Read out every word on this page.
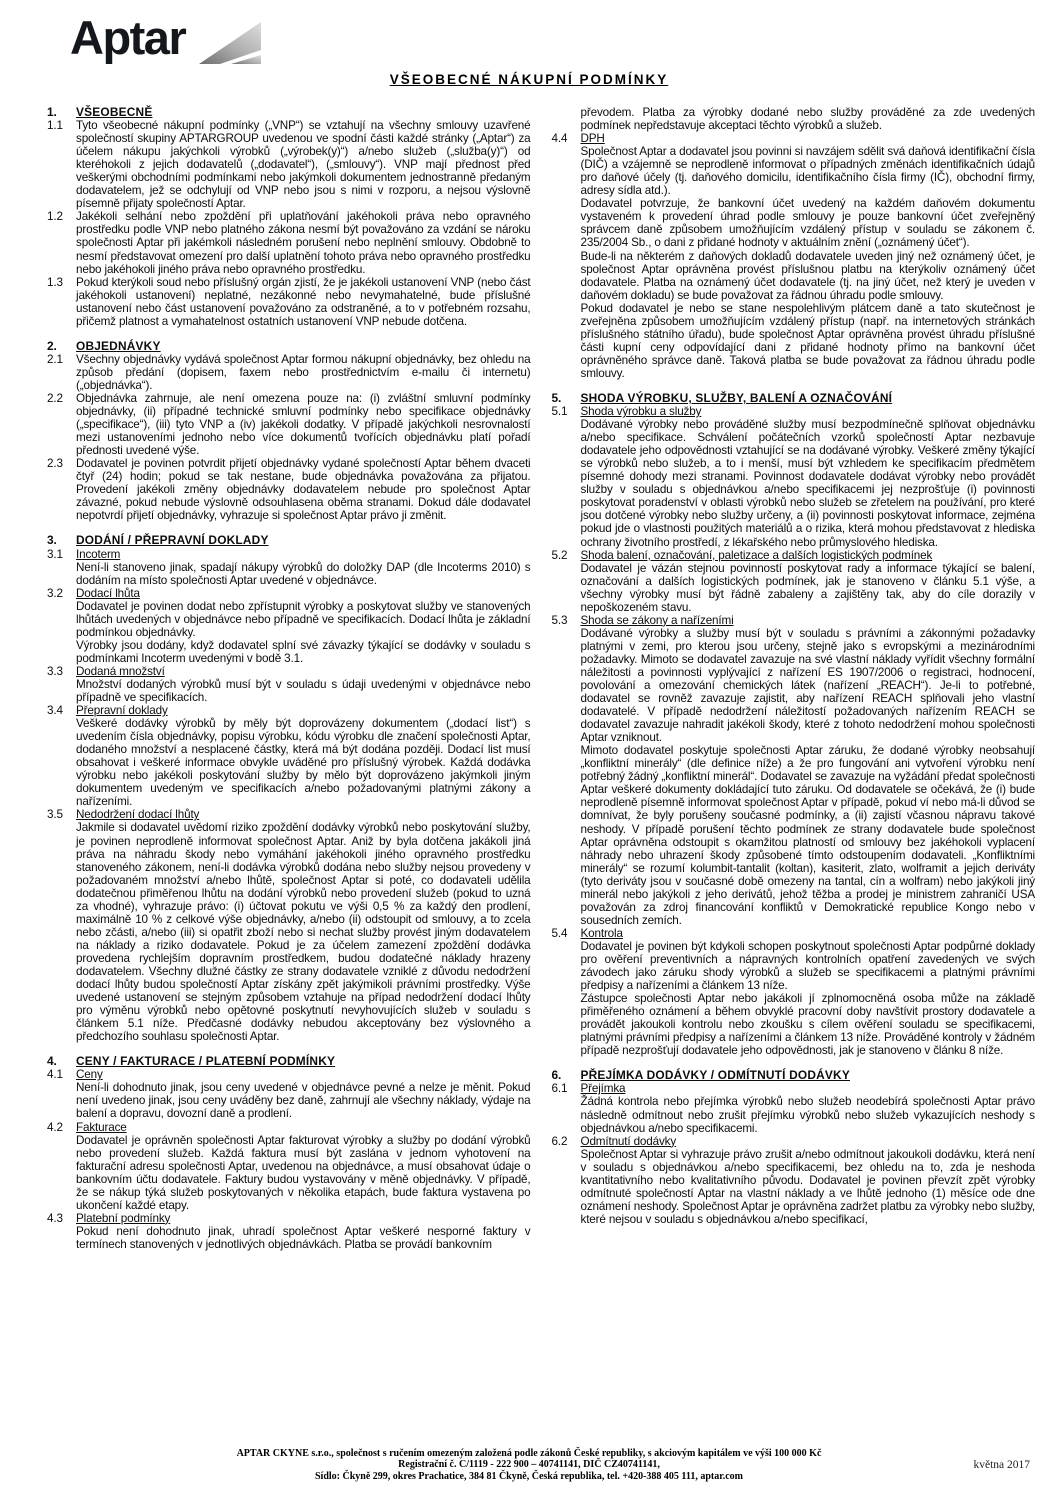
Aptar
VŠEOBECNÉ NÁKUPNÍ PODMÍNKY
1.	VŠEOBECNĚ
1.1	Tyto všeobecné nákupní podmínky („VNP“) se vztahují na všechny smlouvy uzavřené společností skupiny APTARGROUP uvedenou ve spodní části každé stránky („Aptar“) za účelem nákupu jakýchkoli výrobků („výrobek(y)“) a/nebo služeb („služba(y)“) od kteréhokoli z jejich dodavatelů („dodavatel“), („smlouvy“). VNP mají přednost před veškerými obchodními podmínkami nebo jakýmkoli dokumentem jednostranně předaným dodavatelem, jež se odchylují od VNP nebo jsou s nimi v rozporu, a nejsou výslovně písemně přijaty společností Aptar.

1.2	Jakékoli selhání nebo zpoždění při uplatňování jakéhokoli práva nebo opravného prostředku podle VNP nebo platného zákona nesmí být považováno za vzdání se nároku společnosti Aptar při jakémkoli následném porušení nebo neplnění smlouvy. Obdobně to nesmí představovat omezení pro další uplatnění tohoto práva nebo opravného prostředku nebo jakéhokoli jiného práva nebo opravného prostředku.

1.3	Pokud kterýkoli soud nebo příslušný orgán zjistí, že je jakékoli ustanovení VNP (nebo část jakéhokoli ustanovení) neplatné, nezákonné nebo nevymahatelné, bude příslušné ustanovení nebo část ustanovení považováno za odstraněné, a to v potřebném rozsahu, přičemž platnost a vymahatelnost ostatních ustanovení VNP nebude dotčena.

2.	OBJEDNÁVKY
2.1	Všechny objednávky vydává společnost Aptar formou nákupní objednávky, bez ohledu na způsob předání (dopisem, faxem nebo prostřednictvím e-mailu či internetu) („objednávka“).

2.2	Objednávka zahrnuje, ale není omezena pouze na: (i) zvláštní smluvní podmínky objednávky, (ii) případné technické smluvní podmínky nebo specifikace objednávky („specifikace“), (iii) tyto VNP a (iv) jakékoli dodatky. V případě jakýchkoli nesrovnalostí mezi ustanoveními jednoho nebo více dokumentů tvořících objednávku platí pořadí přednosti uvedené výše.

2.3	Dodavatel je povinen potvrdit přijetí objednávky vydané společností Aptar během dvaceti čtyř (24) hodin; pokud se tak nestane, bude objednávka považována za přijatou. Provedení jakékoli změny objednávky dodavatelem nebude pro společnost Aptar závazné, pokud nebude výslovně odsouhlasena oběma stranami. Dokud dále dodavatel nepotvrdí přijetí objednávky, vyhrazuje si společnost Aptar právo ji změnit.

3.	DODÁNÍ / PŘEPRAVNÍ DOKLADY
3.1	Incoterm

Není-li stanoveno jinak, spadají nákupy výrobků do doložky DAP (dle Incoterms 2010) s dodáním na místo společnosti Aptar uvedené v objednávce.

3.2	Dodací lhůta

Dodavatel je povinen dodat nebo zpřístupnit výrobky a poskytovat služby ve stanovených lhůtách uvedených v objednávce nebo případně ve specifikacích. Dodací lhůta je základní podmínkou objednávky.

Výrobky jsou dodány, když dodavatel splní své závazky týkající se dodávky v souladu s podmínkami Incoterm uvedenými v bodě 3.1.

3.3	Dodaná množství

Množství dodaných výrobků musí být v souladu s údaji uvedenými v objednávce nebo případně ve specifikacích.

3.4	Přepravní doklady

Veškeré dodávky výrobků by měly být doprovázeny dokumentem („dodací list“) s uvedením čísla objednávky, popisu výrobku, kódu výrobku dle značení společnosti Aptar, dodaného množství a nesplacené částky, která má být dodána později. Dodací list musí obsahovat i veškeré informace obvykle uváděné pro příslušný výrobek. Každá dodávka výrobku nebo jakékoli poskytování služby by mělo být doprovázeno jakýmkoli jiným dokumentem uvedeným ve specifikacích a/nebo požadovanými platnými zákony a nařízeními.

3.5	Nedodržení dodací lhůty

Jakmile si dodavatel uvědomí riziko zpoždění dodávky výrobků nebo poskytování služby, je povinen neprodleně informovat společnost Aptar. Aniž by byla dotčena jakákoli jiná práva na náhradu škody nebo vymáhání jakéhokoli jiného opravného prostředku stanoveného zákonem, není-li dodávka výrobků dodána nebo služby nejsou provedeny v požadovaném množství a/nebo lhůtě, společnost Aptar si poté, co dodavateli udělila dodatečnou přiměřenou lhůtu na dodání výrobků nebo provedení služeb (pokud to uzná za vhodné), vyhrazuje právo: (i) účtovat pokutu ve výši 0,5 % za každý den prodlení, maximálně 10 % z celkové výše objednávky, a/nebo (ii) odstoupit od smlouvy, a to zcela nebo zčásti, a/nebo (iii) si opatřit zboží nebo si nechat služby provést jiným dodavatelem na náklady a riziko dodavatele. Pokud je za účelem zamezení zpoždění dodávka provedena rychlejším dopravním prostředkem, budou dodatečné náklady hrazeny dodavatelem. Všechny dlužné částky ze strany dodavatele vzniklé z důvodu nedodržení dodací lhůty budou společností Aptar získány zpět jakýmikoli právními prostředky. Výše uvedené ustanovení se stejným způsobem vztahuje na případ nedodržení dodací lhůty pro výměnu výrobků nebo opětovné poskytnutí nevyhovujících služeb v souladu s článkem 5.1 níže. Předčasné dodávky nebudou akceptovány bez výslovného a předchozího souhlasu společnosti Aptar.

4.	CENY / FAKTURACE / PLATEBNÍ PODMÍNKY
4.1	Ceny

Není-li dohodnuto jinak, jsou ceny uvedené v objednávce pevné a nelze je měnit. Pokud není uvedeno jinak, jsou ceny uváděny bez daně, zahrnují ale všechny náklady, výdaje na balení a dopravu, dovozní daně a prodlení.

4.2	Fakturace

Dodavatel je oprávněn společnosti Aptar fakturovat výrobky a služby po dodání výrobků nebo provedení služeb. Každá faktura musí být zaslána v jednom vyhotovení na fakturační adresu společnosti Aptar, uvedenou na objednávce, a musí obsahovat údaje o bankovním účtu dodavatele. Faktury budou vystavovány v měně objednávky. V případě, že se nákup týká služeb poskytovaných v několika etapách, bude faktura vystavena po ukončení každé etapy.

4.3	Platební podmínky

Pokud není dohodnuto jinak, uhradí společnost Aptar veškeré nesporné faktury v termínech stanovených v jednotlivých objednávkách. Platba se provádí bankovním

převodem. Platba za výrobky dodané nebo služby prováděné za zde uvedených podmínek nepředstavuje akceptaci těchto výrobků a služeb.

4.4	DPH

Společnost Aptar a dodavatel jsou povinni si navzájem sdělit svá daňová identifikační čísla (DIČ) a vzájemně se neprodleně informovat o případných změnách identifikačních údajů pro daňové účely (tj. daňového domicilu, identifikačního čísla firmy (IČ), obchodní firmy, adresy sídla atd.).

Dodavatel potvrzuje, že bankovní účet uvedený na každém daňovém dokumentu vystaveném k provedení úhrad podle smlouvy je pouze bankovní účet zveřejněný správcem daně způsobem umožňujícím vzdálený přístup v souladu se zákonem č. 235/2004 Sb., o dani z přidané hodnoty v aktuálním znění („oznámený účet“).

Bude-li na některém z daňových dokladů dodavatele uveden jiný než oznámený účet, je společnost Aptar oprávněna provést příslušnou platbu na kterýkoliv oznámený účet dodavatele. Platba na oznámený účet dodavatele (tj. na jiný účet, než který je uveden v daňovém dokladu) se bude považovat za řádnou úhradu podle smlouvy.

Pokud dodavatel je nebo se stane nespolehlivým plátcem daně a tato skutečnost je zveřejněna způsobem umožňujícím vzdálený přístup (např. na internetových stránkách příslušného státního úřadu), bude společnost Aptar oprávněna provést úhradu příslušné části kupní ceny odpovídající dani z přidané hodnoty přímo na bankovní účet oprávněného správce daně. Taková platba se bude považovat za řádnou úhradu podle smlouvy.

5.	SHODA VÝROBKU, SLUŽBY, BALENÍ A OZNAČOVÁNÍ
5.1	Shoda výrobku a služby

Dodávané výrobky nebo prováděné služby musí bezpodmínečně splňovat objednávku a/nebo specifikace. Schválení počátečních vzorků společností Aptar nezbavuje dodavatele jeho odpovědnosti vztahující se na dodávané výrobky. Veškeré změny týkající se výrobků nebo služeb, a to i menší, musí být vzhledem ke specifikacím předmětem písemné dohody mezi stranami. Povinnost dodavatele dodávat výrobky nebo provádět služby v souladu s objednávkou a/nebo specifikacemi jej nezprošťuje (i) povinnosti poskytovat poradenství v oblasti výrobků nebo služeb se zřetelem na používání, pro které jsou dotčené výrobky nebo služby určeny, a (ii) povinnosti poskytovat informace, zejména pokud jde o vlastnosti použitých materiálů a o rizika, která mohou představovat z hlediska ochrany životního prostředí, z lékařského nebo průmyslového hlediska.

5.2	Shoda balení, označování, paletizace a dalších logistických podmínek

Dodavatel je vázán stejnou povinností poskytovat rady a informace týkající se balení, označování a dalších logistických podmínek, jak je stanoveno v článku 5.1 výše, a všechny výrobky musí být řádně zabaleny a zajištěny tak, aby do cíle dorazily v nepoškozeném stavu.

5.3	Shoda se zákony a nařízeními

Dodávané výrobky a služby musí být v souladu s právními a zákonnými požadavky platnými v zemi, pro kterou jsou určeny, stejně jako s evropskými a mezinárodními požadavky. Mimoto se dodavatel zavazuje na své vlastní náklady vyřídit všechny formální náležitosti a povinnosti vyplývající z nařízení ES 1907/2006 o registraci, hodnocení, povolování a omezování chemických látek (nařízení „REACH“). Je-li to potřebné, dodavatel se rovněž zavazuje zajistit, aby nařízení REACH splňovali jeho vlastní dodavatelé. V případě nedodržení náležitostí požadovaných nařízením REACH se dodavatel zavazuje nahradit jakékoli škody, které z tohoto nedodržení mohou společnosti Aptar vzniknout.

Mimoto dodavatel poskytuje společnosti Aptar záruku, že dodané výrobky neobsahují „konfliktní minerály“ (dle definice níže) a že pro fungování ani vytvoření výrobku není potřebný žádný „konfliktní minerál“. Dodavatel se zavazuje na vyžádání předat společnosti Aptar veškeré dokumenty dokládající tuto záruku. Od dodavatele se očekává, že (i) bude neprodleně písemně informovat společnost Aptar v případě, pokud ví nebo má-li důvod se domnívat, že byly porušeny současné podmínky, a (ii) zajistí včasnou nápravu takové neshody. V případě porušení těchto podmínek ze strany dodavatele bude společnost Aptar oprávněna odstoupit s okamžitou platností od smlouvy bez jakéhokoli vyplacení náhrady nebo uhrazení škody způsobené tímto odstoupením dodavateli. „Konfliktními minerály“ se rozumí kolumbit-tantalit (koltan), kasiterit, zlato, wolframit a jejich deriváty (tyto deriváty jsou v současné době omezeny na tantal, cín a wolfram) nebo jakýkoli jiný minerál nebo jakýkoli z jeho derivátů, jehož těžba a prodej je ministrem zahraničí USA považován za zdroj financování konfliktů v Demokratické republice Kongo nebo v sousedních zemích.

5.4	Kontrola

Dodavatel je povinen být kdykoli schopen poskytnout společnosti Aptar podpůrné doklady pro ověření preventivních a nápravných kontrolních opatření zavedených ve svých závodech jako záruku shody výrobků a služeb se specifikacemi a platnými právními předpisy a nařízeními a článkem 13 níže.

Zástupce společnosti Aptar nebo jakákoli jí zplnomocněná osoba může na základě přiměřeného oznámení a během obvyklé pracovní doby navštívit prostory dodavatele a provádět jakoukoli kontrolu nebo zkoušku s cílem ověření souladu se specifikacemi, platnými právními předpisy a nařízeními a článkem 13 níže. Prováděné kontroly v žádném případě nezprošťují dodavatele jeho odpovědnosti, jak je stanoveno v článku 8 níže.

6.	PŘEJÍMKA DODÁVKY / ODMÍTNUTÍ DODÁVKY
6.1	Přejímka

Žádná kontrola nebo přejímka výrobků nebo služeb neodebírá společnosti Aptar právo následně odmítnout nebo zrušit přejímku výrobků nebo služeb vykazujících neshody s objednávkou a/nebo specifikacemi.

6.2	Odmítnutí dodávky

Společnost Aptar si vyhrazuje právo zrušit a/nebo odmítnout jakoukoli dodávku, která není v souladu s objednávkou a/nebo specifikacemi, bez ohledu na to, zda je neshoda kvantitativního nebo kvalitativního původu. Dodavatel je povinen převzít zpět výrobky odmítnuté společností Aptar na vlastní náklady a ve lhůtě jednoho (1) měsíce ode dne oznámení neshody. Společnost Aptar je oprávněna zadržet platbu za výrobky nebo služby, které nejsou v souladu s objednávkou a/nebo specifikací,

APTAR CKYNE s.r.o., společnost s ručením omezeným založená podle zákonů České republiky, s akciovým kapitálem ve výši 100 000 Kč
Registrační č. C/1119 - 222 900 – 40741141, DIČ CZ40741141,
Sídlo: Čkyně 299, okres Prachatice, 384 81 Čkyně, Česká republika, tel. +420-388 405 111, aptar.com
května 2017
